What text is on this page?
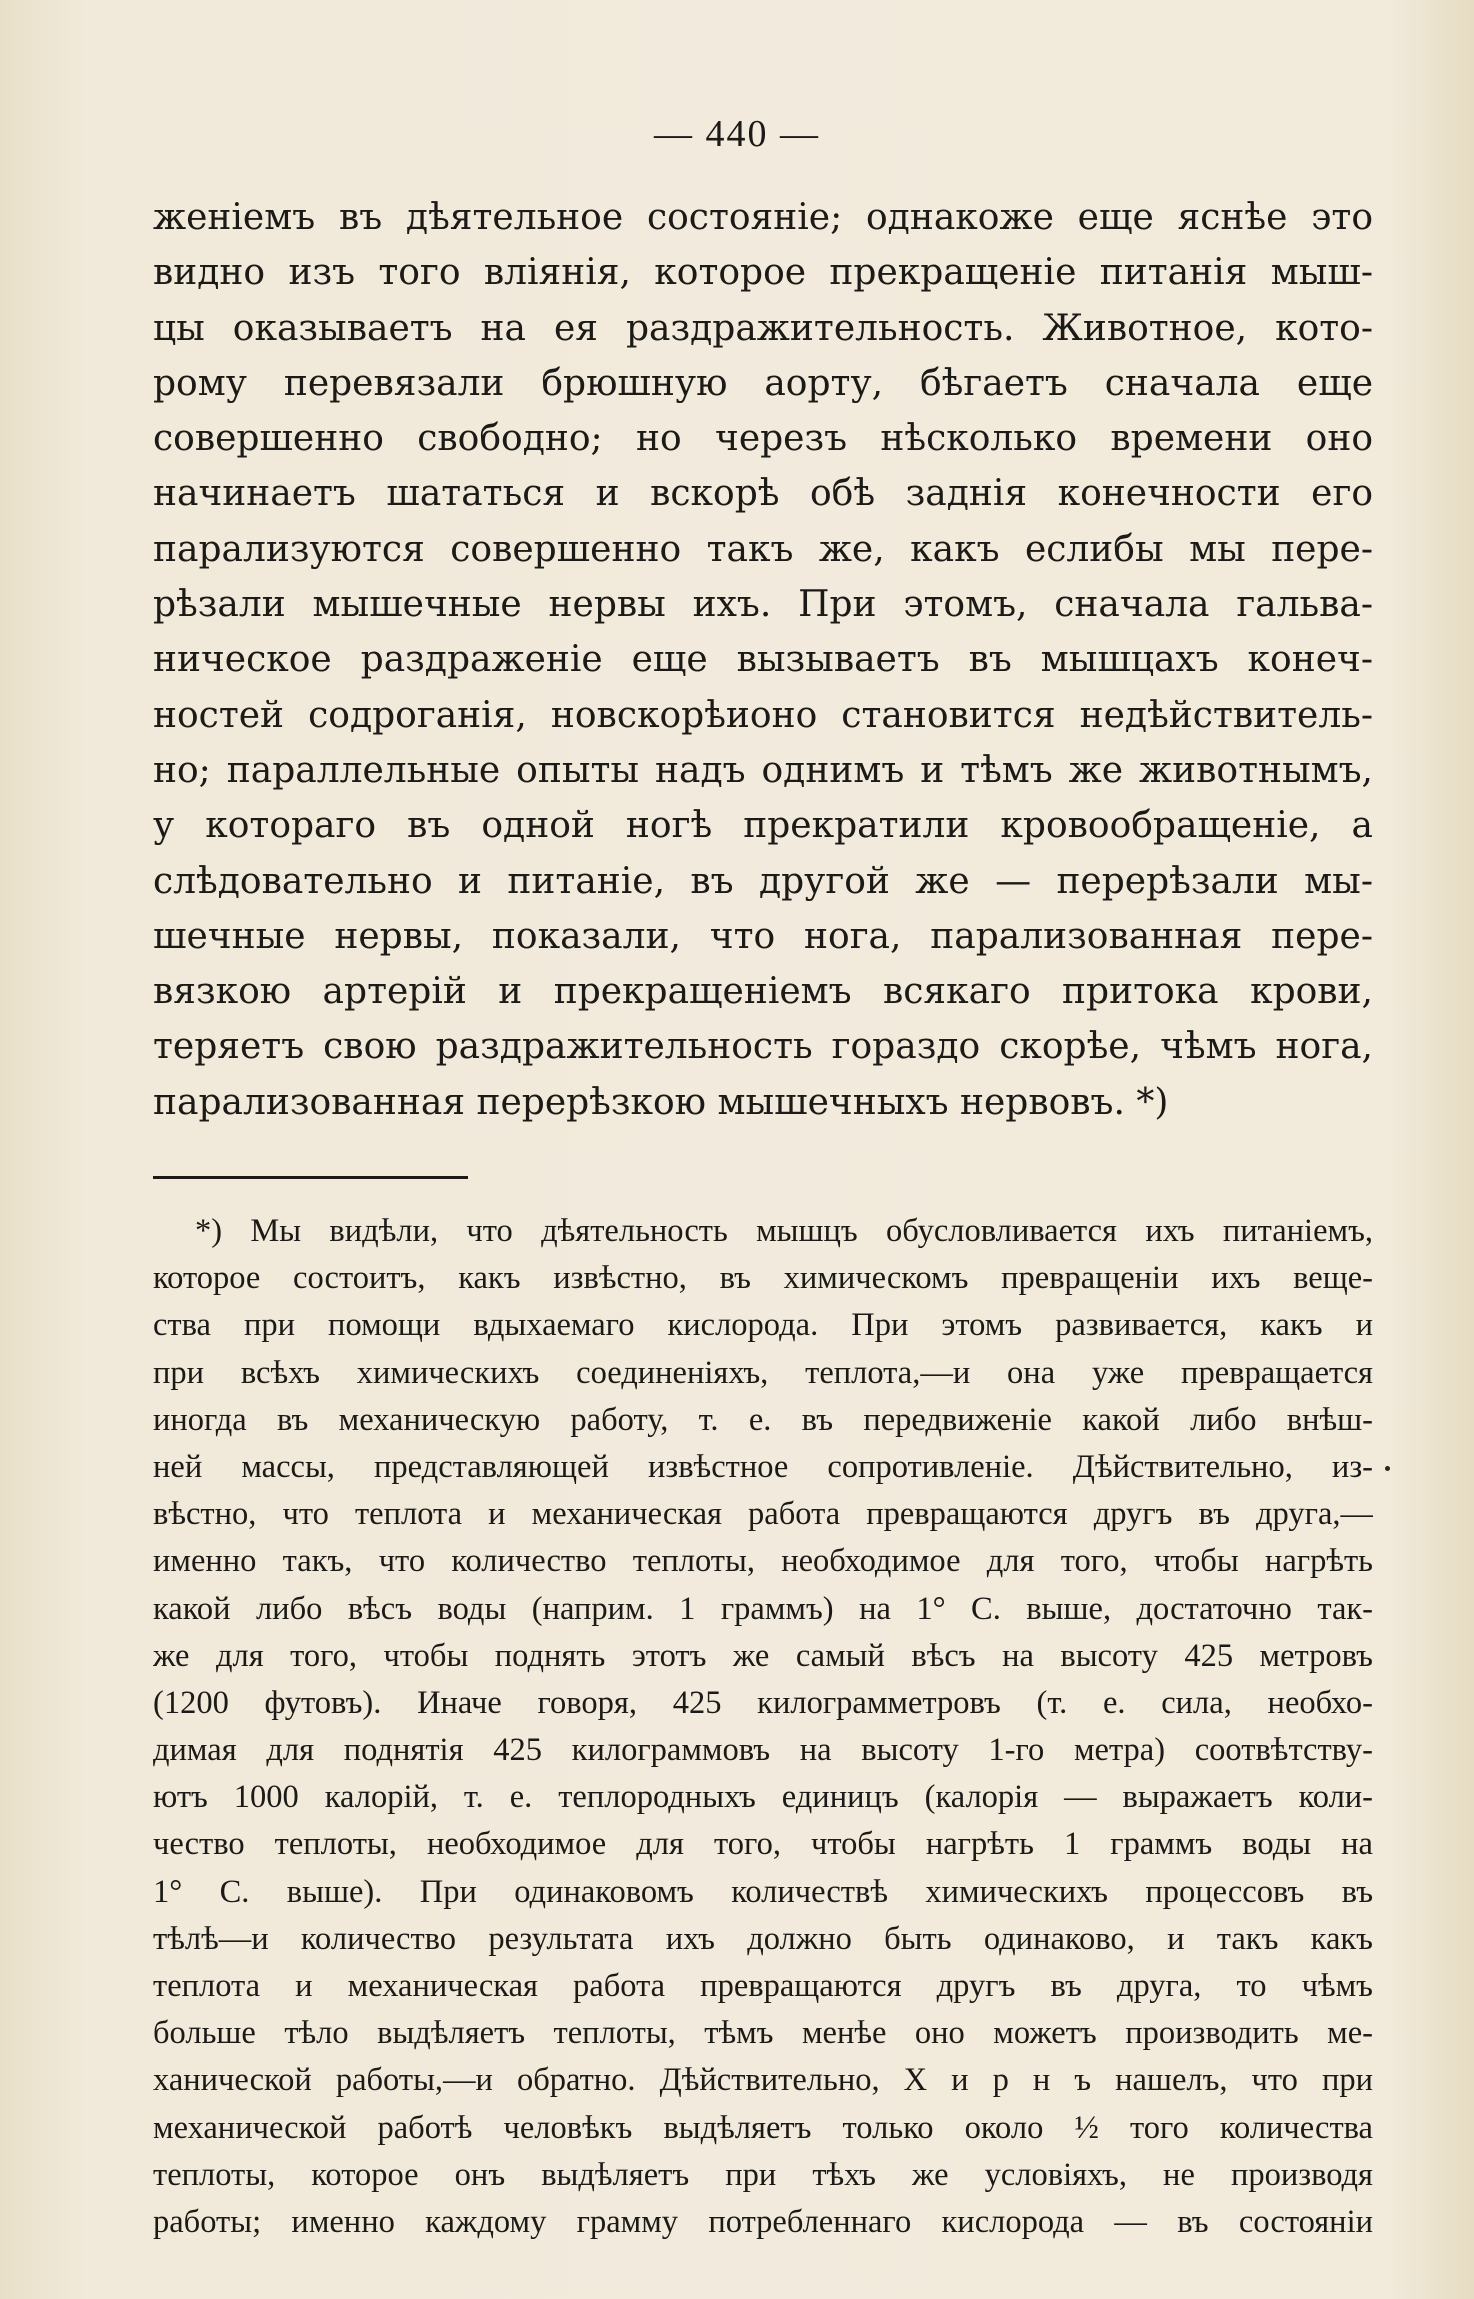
— 440 —
женіемъ въ дѣятельное состояніе; однакоже еще яснѣе это
видно изъ того вліянія, которое прекращеніе питанія мыш-
цы оказываетъ на ея раздражительность. Животное, кото-
рому перевязали брюшную аорту, бѣгаетъ сначала еще
совершенно свободно; но черезъ нѣсколько времени оно
начинаетъ шататься и вскорѣ обѣ заднія конечности его
парализуются совершенно такъ же, какъ еслибы мы пере-
рѣзали мышечные нервы ихъ. При этомъ, сначала гальва-
ническое раздраженіе еще вызываетъ въ мышцахъ конеч-
ностей содроганія, новскорѣионо становится недѣйствитель-
но; параллельные опыты надъ однимъ и тѣмъ же животнымъ,
у котораго въ одной ногѣ прекратили кровообращеніе, а
слѣдовательно и питаніе, въ другой же — перерѣзали мы-
шечные нервы, показали, что нога, парализованная пере-
вязкою артерій и прекращеніемъ всякаго притока крови,
теряетъ свою раздражительность гораздо скорѣе, чѣмъ нога,
парализованная перерѣзкою мышечныхъ нервовъ. *)
*) Мы видѣли, что дѣятельность мышцъ обусловливается ихъ питаніемъ,
которое состоитъ, какъ извѣстно, въ химическомъ превращеніи ихъ веще-
ства при помощи вдыхаемаго кислорода. При этомъ развивается, какъ и
при всѣхъ химическихъ соединеніяхъ, теплота,—и она уже превращается
иногда въ механическую работу, т. е. въ передвиженіе какой либо внѣш-
ней массы, представляющей извѣстное сопротивленіе. Дѣйствительно, из-
вѣстно, что теплота и механическая работа превращаются другъ въ друга,—
именно такъ, что количество теплоты, необходимое для того, чтобы нагрѣть
какой либо вѣсъ воды (наприм. 1 граммъ) на 1° С. выше, достаточно так-
же для того, чтобы поднять этотъ же самый вѣсъ на высоту 425 метровъ
(1200 футовъ). Иначе говоря, 425 килограмметровъ (т. е. сила, необхо-
димая для поднятія 425 килограммовъ на высоту 1-го метра) соотвѣтству-
ютъ 1000 калорій, т. е. теплородныхъ единицъ (калорія — выражаетъ коли-
чество теплоты, необходимое для того, чтобы нагрѣть 1 граммъ воды на
1° С. выше). При одинаковомъ количествѣ химическихъ процессовъ въ
тѣлѣ—и количество результата ихъ должно быть одинаково, и такъ какъ
теплота и механическая работа превращаются другъ въ друга, то чѣмъ
больше тѣло выдѣляетъ теплоты, тѣмъ менѣе оно можетъ производить ме-
ханической работы,—и обратно. Дѣйствительно, Х и р н ъ нашелъ, что при
механической работѣ человѣкъ выдѣляетъ только около ½ того количества
теплоты, которое онъ выдѣляетъ при тѣхъ же условіяхъ, не производя
работы; именно каждому грамму потребленнаго кислорода — въ состояніи
